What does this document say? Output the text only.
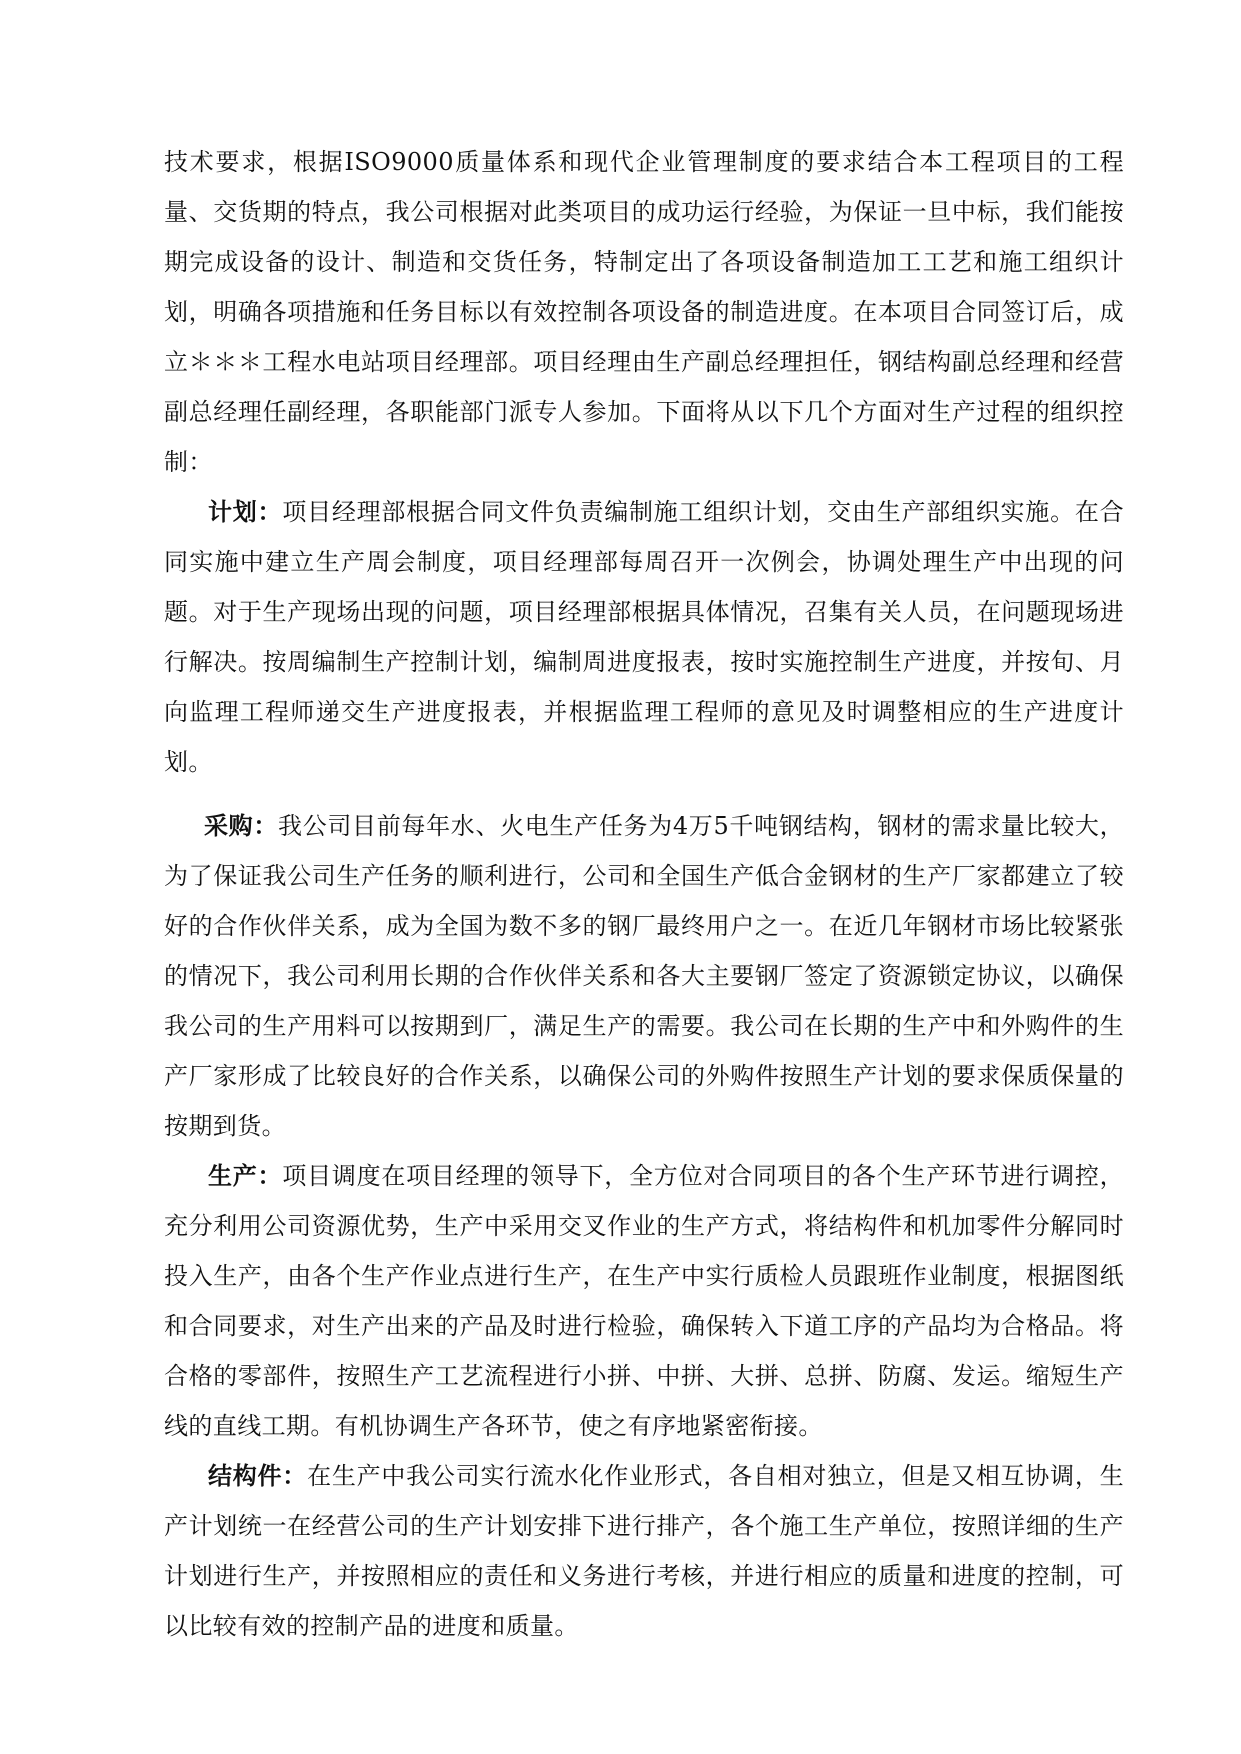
技术要求，根据ISO9000质量体系和现代企业管理制度的要求结合本工程项目的工程量、交货期的特点，我公司根据对此类项目的成功运行经验，为保证一旦中标，我们能按期完成设备的设计、制造和交货任务，特制定出了各项设备制造加工工艺和施工组织计划，明确各项措施和任务目标以有效控制各项设备的制造进度。在本项目合同签订后，成立＊＊＊工程水电站项目经理部。项目经理由生产副总经理担任，钢结构副总经理和经营副总经理任副经理，各职能部门派专人参加。下面将从以下几个方面对生产过程的组织控制：

计划：项目经理部根据合同文件负责编制施工组织计划，交由生产部组织实施。在合同实施中建立生产周会制度，项目经理部每周召开一次例会，协调处理生产中出现的问题。对于生产现场出现的问题，项目经理部根据具体情况，召集有关人员，在问题现场进行解决。按周编制生产控制计划，编制周进度报表，按时实施控制生产进度，并按旬、月向监理工程师递交生产进度报表，并根据监理工程师的意见及时调整相应的生产进度计划。

采购：我公司目前每年水、火电生产任务为4万5千吨钢结构，钢材的需求量比较大，为了保证我公司生产任务的顺利进行，公司和全国生产低合金钢材的生产厂家都建立了较好的合作伙伴关系，成为全国为数不多的钢厂最终用户之一。在近几年钢材市场比较紧张的情况下，我公司利用长期的合作伙伴关系和各大主要钢厂签定了资源锁定协议，以确保我公司的生产用料可以按期到厂，满足生产的需要。我公司在长期的生产中和外购件的生产厂家形成了比较良好的合作关系，以确保公司的外购件按照生产计划的要求保质保量的按期到货。

生产：项目调度在项目经理的领导下，全方位对合同项目的各个生产环节进行调控，充分利用公司资源优势，生产中采用交叉作业的生产方式，将结构件和机加零件分解同时投入生产，由各个生产作业点进行生产，在生产中实行质检人员跟班作业制度，根据图纸和合同要求，对生产出来的产品及时进行检验，确保转入下道工序的产品均为合格品。将合格的零部件，按照生产工艺流程进行小拼、中拼、大拼、总拼、防腐、发运。缩短生产线的直线工期。有机协调生产各环节，使之有序地紧密衔接。

结构件：在生产中我公司实行流水化作业形式，各自相对独立，但是又相互协调，生产计划统一在经营公司的生产计划安排下进行排产，各个施工生产单位，按照详细的生产计划进行生产，并按照相应的责任和义务进行考核，并进行相应的质量和进度的控制，可以比较有效的控制产品的进度和质量。
